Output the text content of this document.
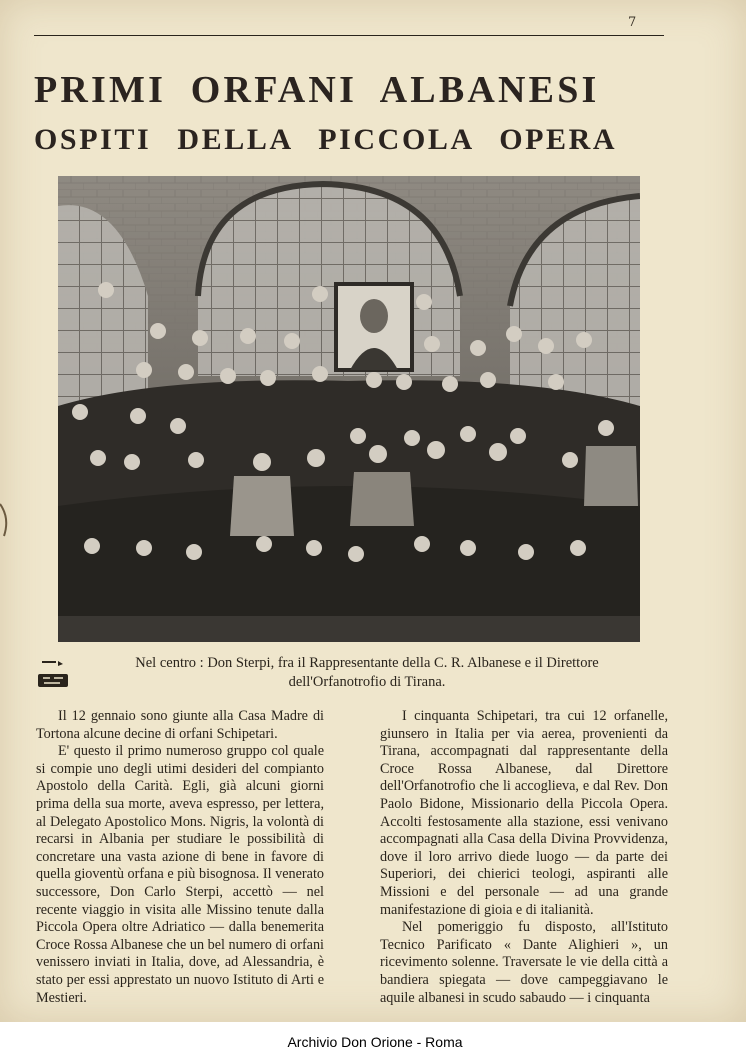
7
PRIMI ORFANI ALBANESI
OSPITI DELLA PICCOLA OPERA
Nel centro : Don Sterpi, fra il Rappresentante della C. R. Albanese e il Direttore
dell'Orfanotrofio di Tirana.

Il 12 gennaio sono giunte alla Casa Madre di Tortona alcune decine di orfani Schipetari.

E' questo il primo numeroso gruppo col quale si compie uno degli utimi desideri del compianto Apostolo della Carità. Egli, già alcuni giorni prima della sua morte, aveva espresso, per lettera, al Delegato Apostolico Mons. Nigris, la volontà di recarsi in Albania per studiare le possibilità di concretare una vasta azione di bene in favore di quella gioventù orfana e più bisognosa. Il venerato successore, Don Carlo Sterpi, accettò — nel recente viaggio in visita alle Missino tenute dalla Piccola Opera oltre Adriatico — dalla benemerita Croce Rossa Albanese che un bel numero di orfani venissero inviati in Italia, dove, ad Alessandria, è stato per essi apprestato un nuovo Istituto di Arti e Mestieri.

I cinquanta Schipetari, tra cui 12 orfanelle, giunsero in Italia per via aerea, provenienti da Tirana, accompagnati dal rappresentante della Croce Rossa Albanese, dal Direttore dell'Orfanotrofio che li accoglieva, e dal Rev. Don Paolo Bidone, Missionario della Piccola Opera. Accolti festosamente alla stazione, essi venivano accompagnati alla Casa della Divina Provvidenza, dove il loro arrivo diede luogo — da parte dei Superiori, dei chierici teologi, aspiranti alle Missioni e del personale — ad una grande manifestazione di gioia e di italianità.

Nel pomeriggio fu disposto, all'Istituto Tecnico Parificato « Dante Alighieri », un ricevimento solenne. Traversate le vie della città a bandiera spiegata — dove campeggiavano le aquile albanesi in scudo sabaudo — i cinquanta

Archivio Don Orione - Roma
